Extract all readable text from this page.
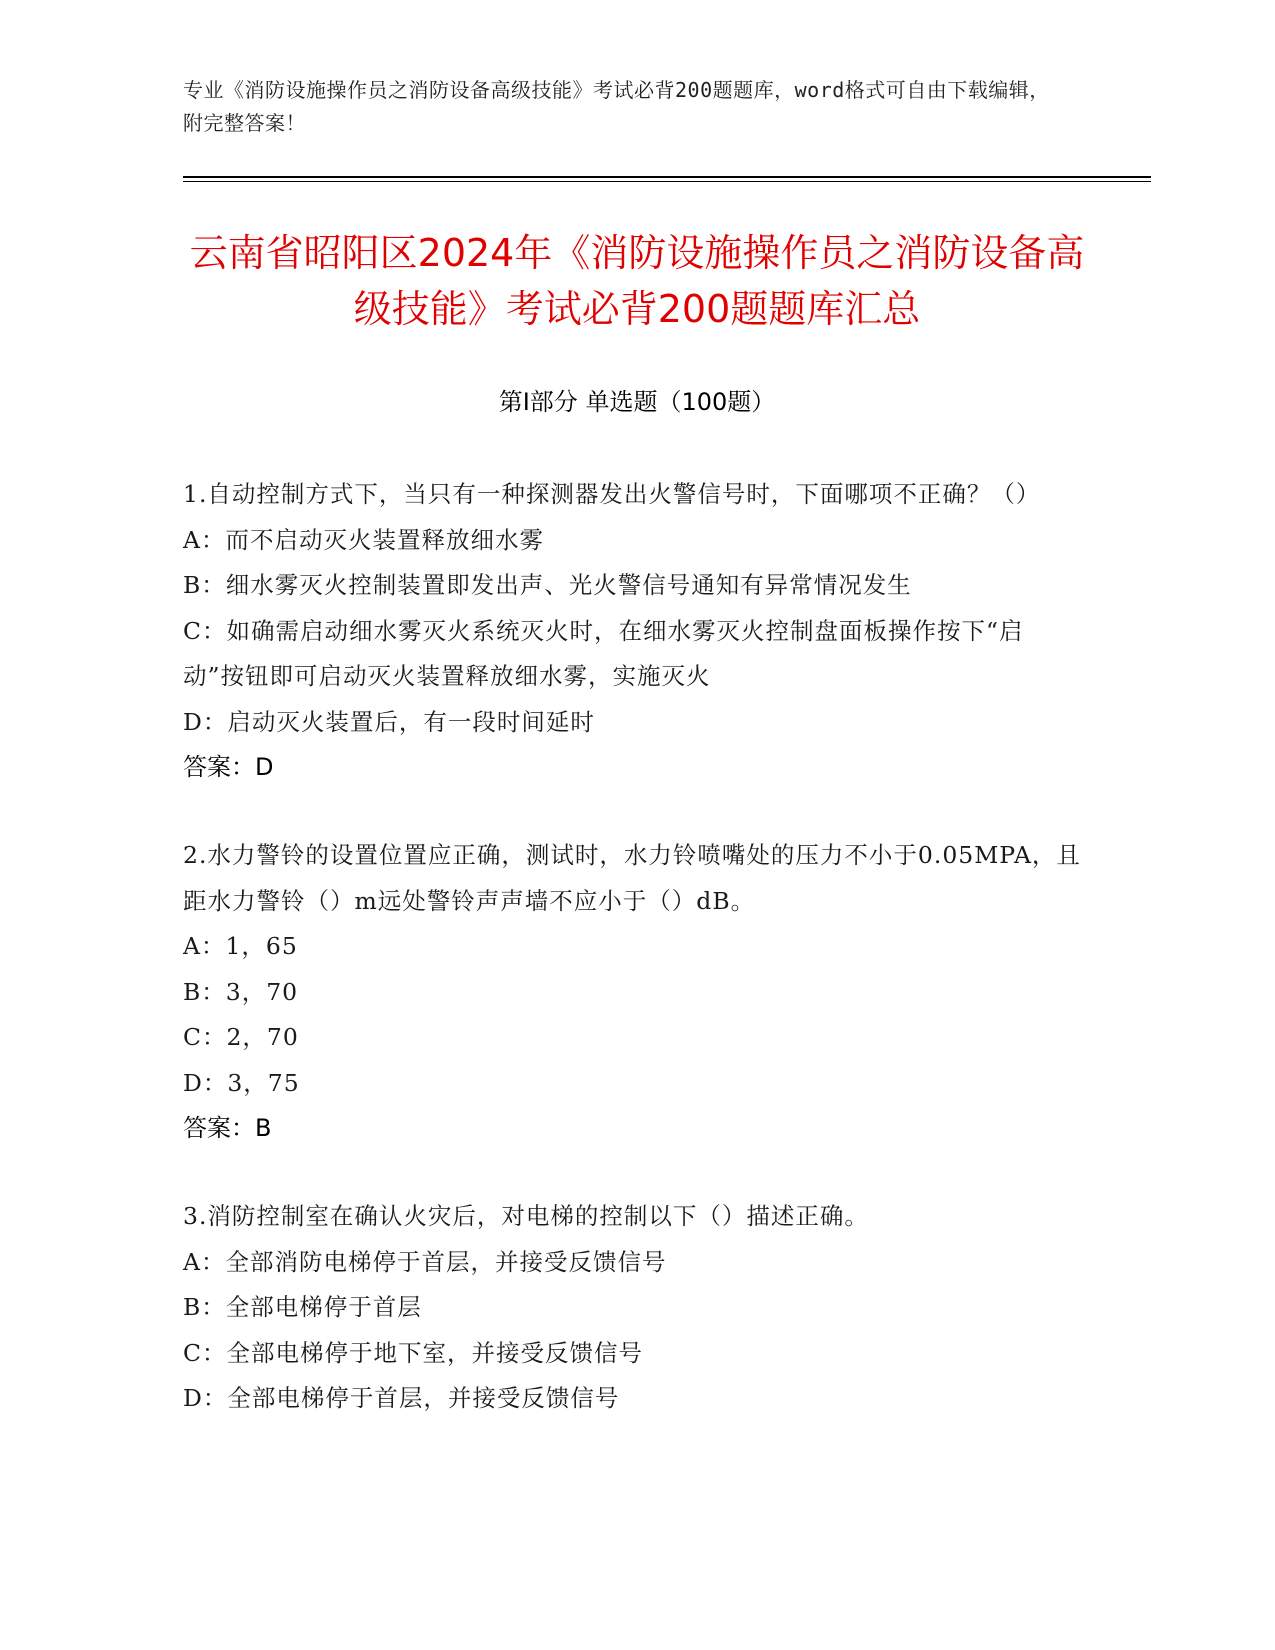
专业《消防设施操作员之消防设备高级技能》考试必背200题题库，word格式可自由下载编辑，附完整答案！
云南省昭阳区2024年《消防设施操作员之消防设备高级技能》考试必背200题题库汇总
第I部分 单选题（100题）
1.自动控制方式下，当只有一种探测器发出火警信号时，下面哪项不正确？（）
A：而不启动灭火装置释放细水雾
B：细水雾灭火控制装置即发出声、光火警信号通知有异常情况发生
C：如确需启动细水雾灭火系统灭火时，在细水雾灭火控制盘面板操作按下“启动”按钮即可启动灭火装置释放细水雾，实施灭火
D：启动灭火装置后，有一段时间延时
答案：D
2.水力警铃的设置位置应正确，测试时，水力铃喷嘴处的压力不小于0.05MPA，且距水力警铃（）m远处警铃声声墙不应小于（）dB。
A：1，65
B：3，70
C：2，70
D：3，75
答案：B
3.消防控制室在确认火灾后，对电梯的控制以下（）描述正确。
A：全部消防电梯停于首层，并接受反馈信号
B：全部电梯停于首层
C：全部电梯停于地下室，并接受反馈信号
D：全部电梯停于首层，并接受反馈信号
